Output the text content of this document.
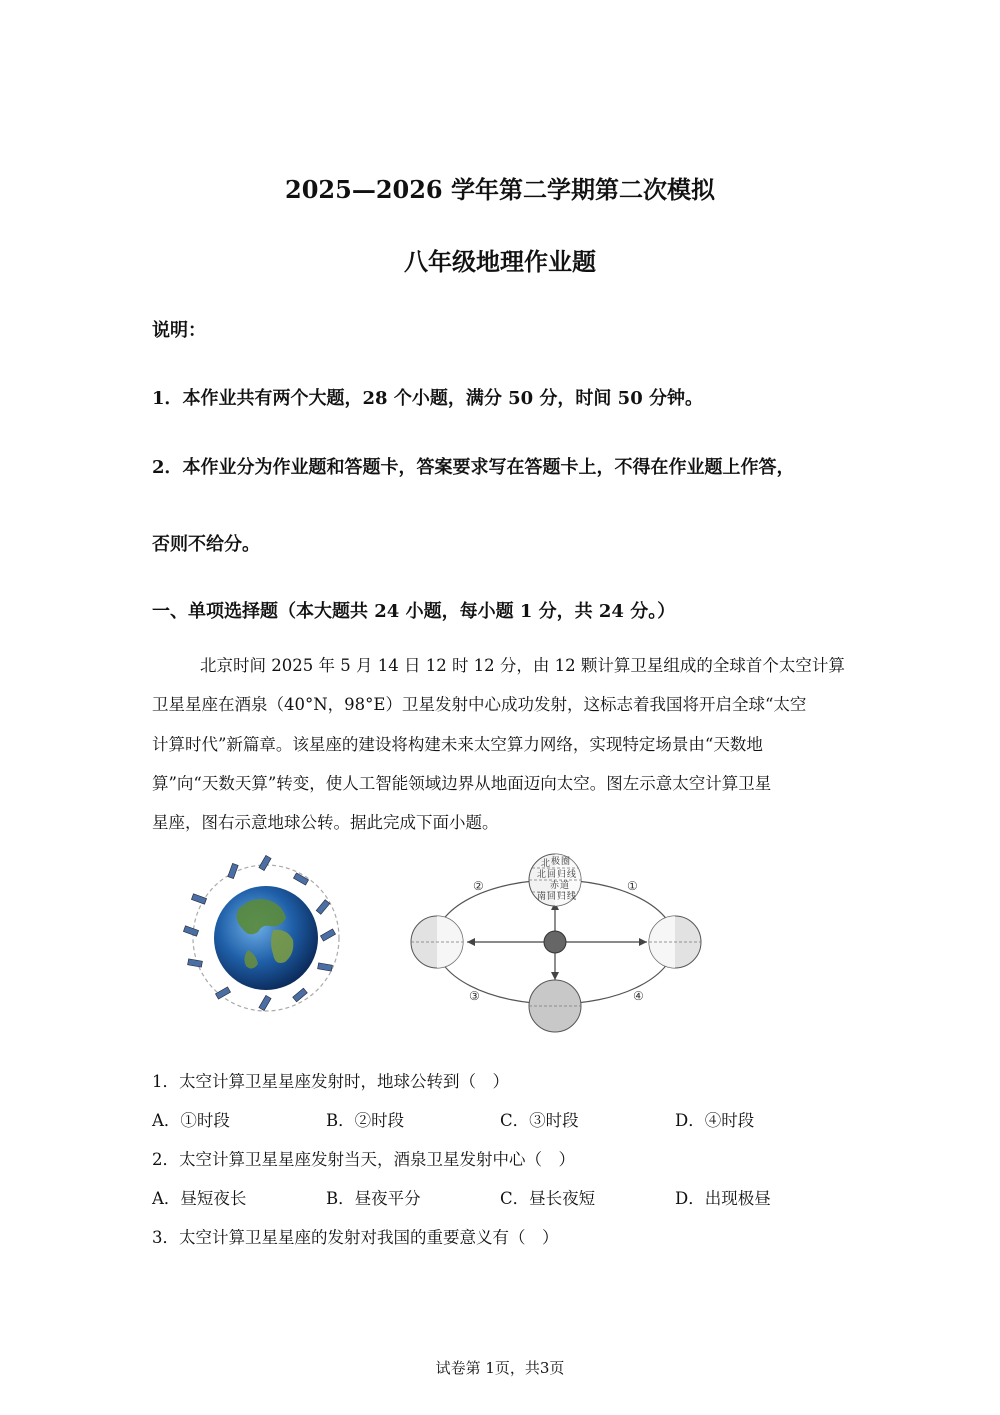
2025—2026 学年第二学期第二次模拟
八年级地理作业题
说明：
1．本作业共有两个大题，28 个小题，满分 50 分，时间 50 分钟。
2．本作业分为作业题和答题卡，答案要求写在答题卡上，不得在作业题上作答，
否则不给分。
一、单项选择题（本大题共 24 小题，每小题 1 分，共 24 分。）
北京时间 2025 年 5 月 14 日 12 时 12 分，由 12 颗计算卫星组成的全球首个太空计算
卫星星座在酒泉（40°N，98°E）卫星发射中心成功发射，这标志着我国将开启全球“太空
计算时代”新篇章。该星座的建设将构建未来太空算力网络，实现特定场景由“天数地
算”向“天数天算”转变，使人工智能领域边界从地面迈向太空。图左示意太空计算卫星
星座，图右示意地球公转。据此完成下面小题。
北 极 圈
北 回 归 线
赤 道
南 回 归 线
①
②
③	④
1．太空计算卫星星座发射时，地球公转到（　）
A．①时段	B．②时段	C．③时段	D．④时段
2．太空计算卫星星座发射当天，酒泉卫星发射中心（　）
A．昼短夜长	B．昼夜平分	C．昼长夜短	D．出现极昼
3．太空计算卫星星座的发射对我国的重要意义有（　）
试卷第 1页，共3页
